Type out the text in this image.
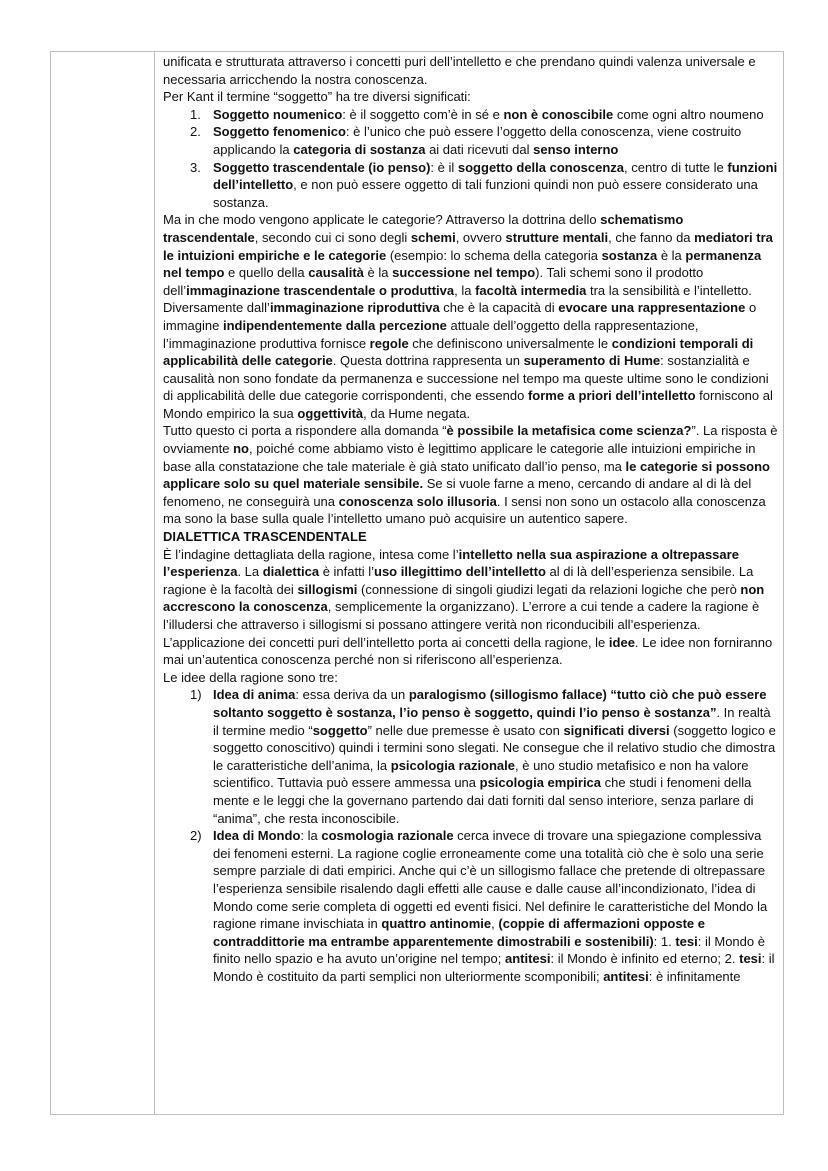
unificata e strutturata attraverso i concetti puri dell’intelletto e che prendano quindi valenza universale e necessaria arricchendo la nostra conoscenza.

Per Kant il termine “soggetto” ha tre diversi significati:

1. Soggetto noumenico: è il soggetto com’è in sé e non è conoscibile come ogni altro noumeno
2. Soggetto fenomenico: è l’unico che può essere l’oggetto della conoscenza, viene costruito applicando la categoria di sostanza ai dati ricevuti dal senso interno
3. Soggetto trascendentale (io penso): è il soggetto della conoscenza, centro di tutte le funzioni dell’intelletto, e non può essere oggetto di tali funzioni quindi non può essere considerato una sostanza.

Ma in che modo vengono applicate le categorie? Attraverso la dottrina dello schematismo trascendentale, secondo cui ci sono degli schemi, ovvero strutture mentali, che fanno da mediatori tra le intuizioni empiriche e le categorie (esempio: lo schema della categoria sostanza è la permanenza nel tempo e quello della causalità è la successione nel tempo). Tali schemi sono il prodotto dell’immaginazione trascendentale o produttiva, la facoltà intermedia tra la sensibilità e l’intelletto. Diversamente dall’immaginazione riproduttiva che è la capacità di evocare una rappresentazione o immagine indipendentemente dalla percezione attuale dell’oggetto della rappresentazione, l’immaginazione produttiva fornisce regole che definiscono universalmente le condizioni temporali di applicabilità delle categorie. Questa dottrina rappresenta un superamento di Hume: sostanzialità e causalità non sono fondate da permanenza e successione nel tempo ma queste ultime sono le condizioni di applicabilità delle due categorie corrispondenti, che essendo forme a priori dell’intelletto forniscono al Mondo empirico la sua oggettività, da Hume negata.

Tutto questo ci porta a rispondere alla domanda “è possibile la metafisica come scienza?”. La risposta è ovviamente no, poiché come abbiamo visto è legittimo applicare le categorie alle intuizioni empiriche in base alla constatazione che tale materiale è già stato unificato dall’io penso, ma le categorie si possono applicare solo su quel materiale sensibile. Se si vuole farne a meno, cercando di andare al di là del fenomeno, ne conseguirà una conoscenza solo illusoria. I sensi non sono un ostacolo alla conoscenza ma sono la base sulla quale l’intelletto umano può acquisire un autentico sapere.

DIALETTICA TRASCENDENTALE

È l’indagine dettagliata della ragione, intesa come l’intelletto nella sua aspirazione a oltrepassare l’esperienza. La dialettica è infatti l’uso illegittimo dell’intelletto al di là dell’esperienza sensibile. La ragione è la facoltà dei sillogismi (connessione di singoli giudizi legati da relazioni logiche che però non accrescono la conoscenza, semplicemente la organizzano). L’errore a cui tende a cadere la ragione è l’illudersi che attraverso i sillogismi si possano attingere verità non riconducibili all’esperienza. L’applicazione dei concetti puri dell’intelletto porta ai concetti della ragione, le idee. Le idee non forniranno mai un’autentica conoscenza perché non si riferiscono all’esperienza.

Le idee della ragione sono tre:

1) Idea di anima: essa deriva da un paralogismo (sillogismo fallace) “tutto ciò che può essere soltanto soggetto è sostanza, l’io penso è soggetto, quindi l’io penso è sostanza”. In realtà il termine medio “soggetto” nelle due premesse è usato con significati diversi (soggetto logico e soggetto conoscitivo) quindi i termini sono slegati. Ne consegue che il relativo studio che dimostra le caratteristiche dell’anima, la psicologia razionale, è uno studio metafisico e non ha valore scientifico. Tuttavia può essere ammessa una psicologia empirica che studi i fenomeni della mente e le leggi che la governano partendo dai dati forniti dal senso interiore, senza parlare di “anima”, che resta inconoscibile.
2) Idea di Mondo: la cosmologia razionale cerca invece di trovare una spiegazione complessiva dei fenomeni esterni. La ragione coglie erroneamente come una totalità ciò che è solo una serie sempre parziale di dati empirici. Anche qui c’è un sillogismo fallace che pretende di oltrepassare l’esperienza sensibile risalendo dagli effetti alle cause e dalle cause all’incondizionato, l’idea di Mondo come serie completa di oggetti ed eventi fisici. Nel definire le caratteristiche del Mondo la ragione rimane invischiata in quattro antinomie, (coppie di affermazioni opposte e contraddittorie ma entrambe apparentemente dimostrabili e sostenibili): 1. tesi: il Mondo è finito nello spazio e ha avuto un’origine nel tempo; antitesi: il Mondo è infinito ed eterno; 2. tesi: il Mondo è costituito da parti semplici non ulteriormente scomponibili; antitesi: è infinitamente
